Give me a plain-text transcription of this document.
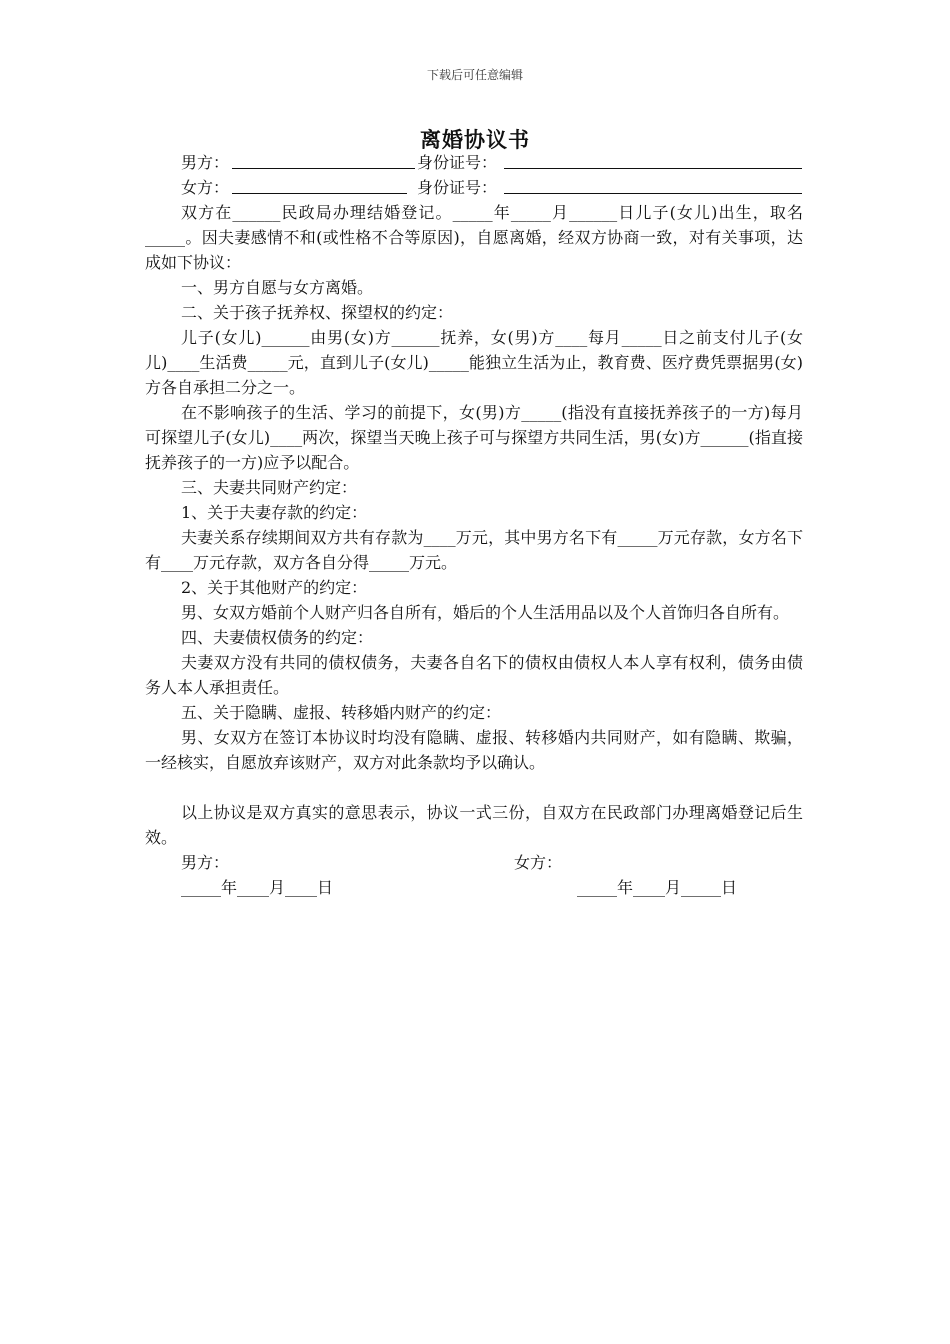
下载后可任意编辑
离婚协议书
男方：	身份证号：
女方：	身份证号：

双方在______民政局办理结婚登记。_____年_____月______日儿子(女儿)出生，取名_____。因夫妻感情不和(或性格不合等原因)，自愿离婚，经双方协商一致，对有关事项，达成如下协议：

一、男方自愿与女方离婚。

二、关于孩子抚养权、探望权的约定：

儿子(女儿)______由男(女)方______抚养，女(男)方____每月_____日之前支付儿子(女儿)____生活费_____元，直到儿子(女儿)_____能独立生活为止，教育费、医疗费凭票据男(女)方各自承担二分之一。

在不影响孩子的生活、学习的前提下，女(男)方_____(指没有直接抚养孩子的一方)每月可探望儿子(女儿)____两次，探望当天晚上孩子可与探望方共同生活，男(女)方______(指直接抚养孩子的一方)应予以配合。

三、夫妻共同财产约定：

1、关于夫妻存款的约定：

夫妻关系存续期间双方共有存款为____万元，其中男方名下有_____万元存款，女方名下有____万元存款，双方各自分得_____万元。

2、关于其他财产的约定：

男、女双方婚前个人财产归各自所有，婚后的个人生活用品以及个人首饰归各自所有。

四、夫妻债权债务的约定：

夫妻双方没有共同的债权债务，夫妻各自名下的债权由债权人本人享有权利，债务由债务人本人承担责任。

五、关于隐瞒、虚报、转移婚内财产的约定：

男、女双方在签订本协议时均没有隐瞒、虚报、转移婚内共同财产，如有隐瞒、欺骗，一经核实，自愿放弃该财产，双方对此条款均予以确认。

以上协议是双方真实的意思表示，协议一式三份，自双方在民政部门办理离婚登记后生效。

男方：	女方：
_____年____月____日	_____年____月_____日
